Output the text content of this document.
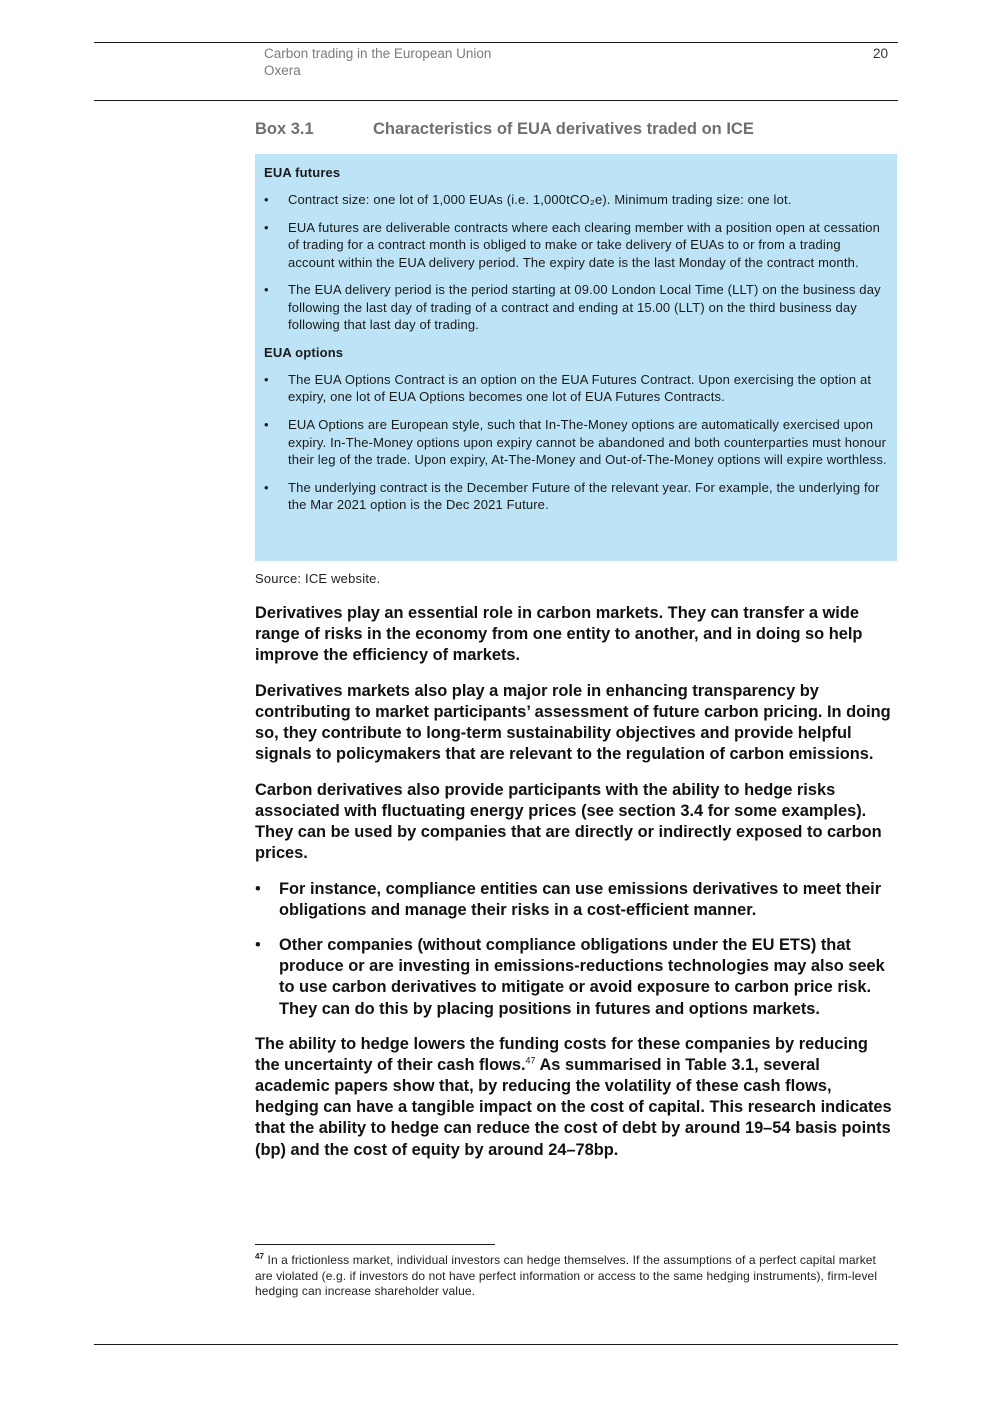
Carbon trading in the European Union
Oxera
20
Box 3.1	Characteristics of EUA derivatives traded on ICE
EUA futures
• Contract size: one lot of 1,000 EUAs (i.e. 1,000tCO₂e). Minimum trading size: one lot.
• EUA futures are deliverable contracts where each clearing member with a position open at cessation of trading for a contract month is obliged to make or take delivery of EUAs to or from a trading account within the EUA delivery period. The expiry date is the last Monday of the contract month.
• The EUA delivery period is the period starting at 09.00 London Local Time (LLT) on the business day following the last day of trading of a contract and ending at 15.00 (LLT) on the third business day following that last day of trading.
EUA options
• The EUA Options Contract is an option on the EUA Futures Contract. Upon exercising the option at expiry, one lot of EUA Options becomes one lot of EUA Futures Contracts.
• EUA Options are European style, such that In-The-Money options are automatically exercised upon expiry. In-The-Money options upon expiry cannot be abandoned and both counterparties must honour their leg of the trade. Upon expiry, At-The-Money and Out-of-The-Money options will expire worthless.
• The underlying contract is the December Future of the relevant year. For example, the underlying for the Mar 2021 option is the Dec 2021 Future.
Source: ICE website.

Derivatives play an essential role in carbon markets. They can transfer a wide range of risks in the economy from one entity to another, and in doing so help improve the efficiency of markets.

Derivatives markets also play a major role in enhancing transparency by contributing to market participants’ assessment of future carbon pricing. In doing so, they contribute to long-term sustainability objectives and provide helpful signals to policymakers that are relevant to the regulation of carbon emissions.

Carbon derivatives also provide participants with the ability to hedge risks associated with fluctuating energy prices (see section 3.4 for some examples). They can be used by companies that are directly or indirectly exposed to carbon prices.

• For instance, compliance entities can use emissions derivatives to meet their obligations and manage their risks in a cost-efficient manner.
• Other companies (without compliance obligations under the EU ETS) that produce or are investing in emissions-reductions technologies may also seek to use carbon derivatives to mitigate or avoid exposure to carbon price risk. They can do this by placing positions in futures and options markets.

The ability to hedge lowers the funding costs for these companies by reducing the uncertainty of their cash flows.$^{47}$ As summarised in Table 3.1, several academic papers show that, by reducing the volatility of these cash flows, hedging can have a tangible impact on the cost of capital. This research indicates that the ability to hedge can reduce the cost of debt by around 19–54 basis points (bp) and the cost of equity by around 24–78bp.

$^{47}$ In a frictionless market, individual investors can hedge themselves. If the assumptions of a perfect capital market are violated (e.g. if investors do not have perfect information or access to the same hedging instruments), firm-level hedging can increase shareholder value.
